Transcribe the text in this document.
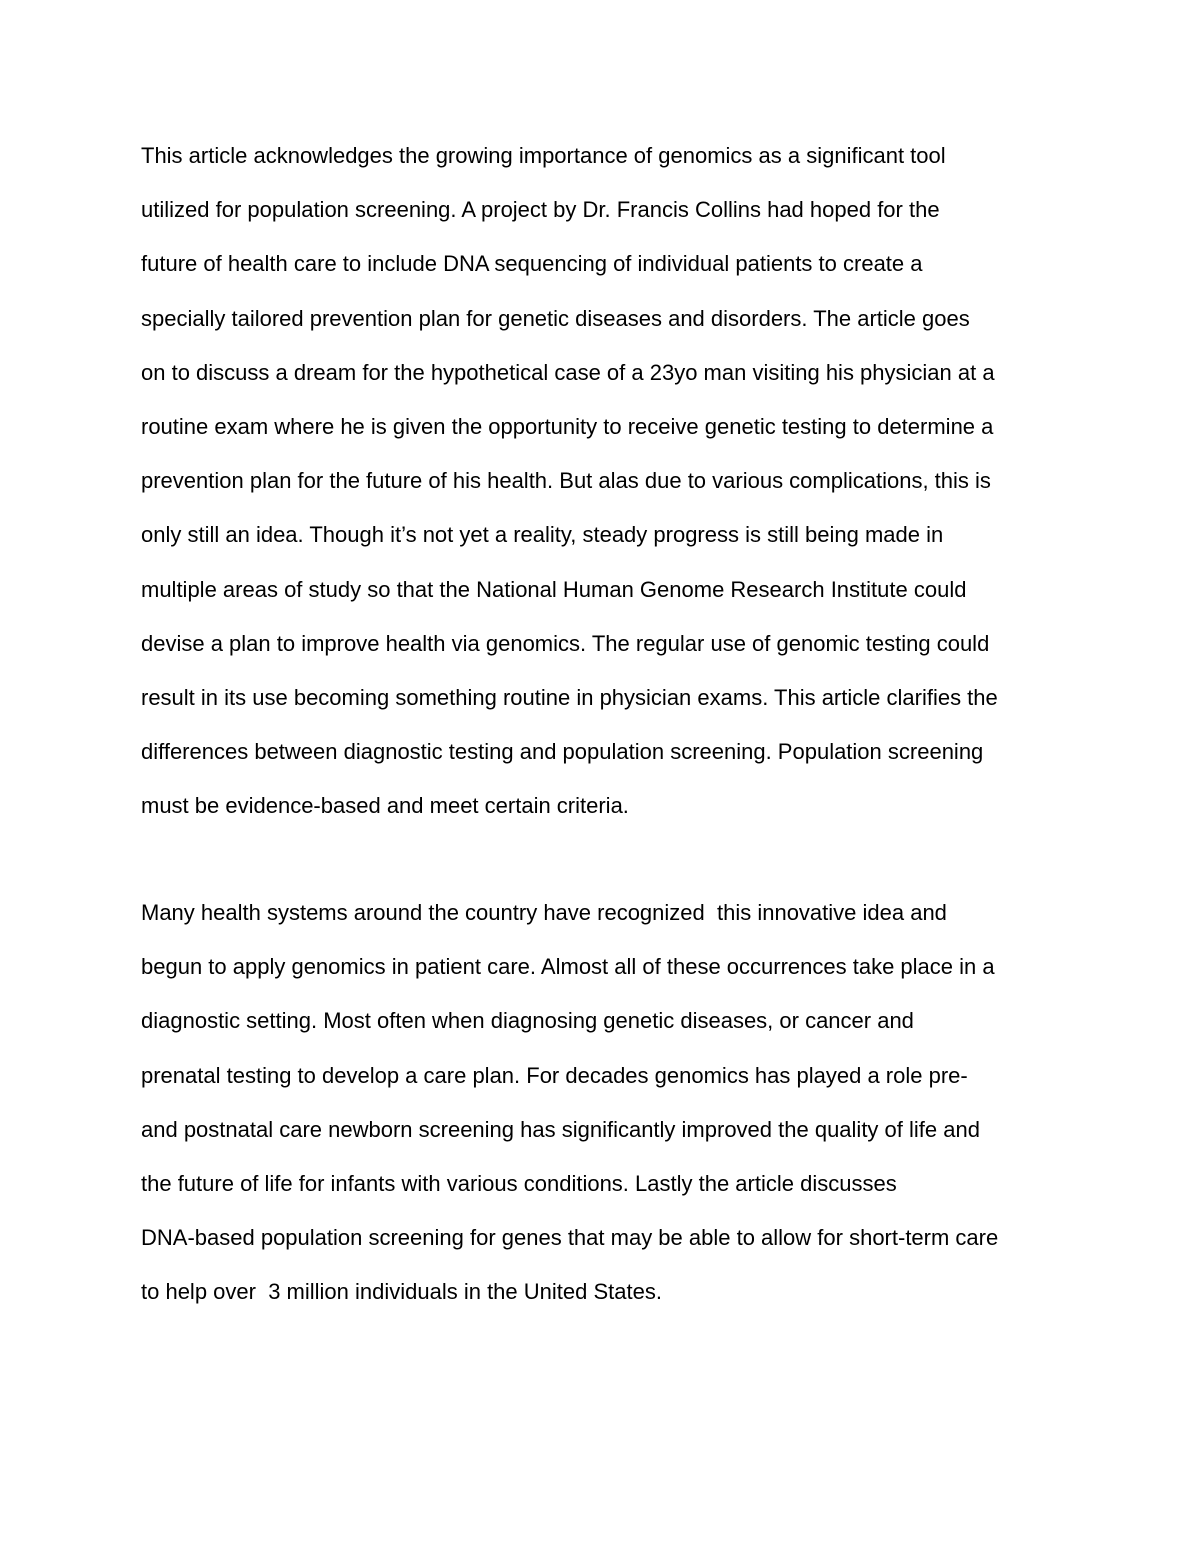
This article acknowledges the growing importance of genomics as a significant tool
utilized for population screening. A project by Dr. Francis Collins had hoped for the
future of health care to include DNA sequencing of individual patients to create a
specially tailored prevention plan for genetic diseases and disorders. The article goes
on to discuss a dream for the hypothetical case of a 23yo man visiting his physician at a
routine exam where he is given the opportunity to receive genetic testing to determine a
prevention plan for the future of his health. But alas due to various complications, this is
only still an idea. Though it’s not yet a reality, steady progress is still being made in
multiple areas of study so that the National Human Genome Research Institute could
devise a plan to improve health via genomics. The regular use of genomic testing could
result in its use becoming something routine in physician exams. This article clarifies the
differences between diagnostic testing and population screening. Population screening
must be evidence-based and meet certain criteria.
Many health systems around the country have recognized  this innovative idea and
begun to apply genomics in patient care. Almost all of these occurrences take place in a
diagnostic setting. Most often when diagnosing genetic diseases, or cancer and
prenatal testing to develop a care plan. For decades genomics has played a role pre-
and postnatal care newborn screening has significantly improved the quality of life and
the future of life for infants with various conditions. Lastly the article discusses
DNA-based population screening for genes that may be able to allow for short-term care
to help over  3 million individuals in the United States.
